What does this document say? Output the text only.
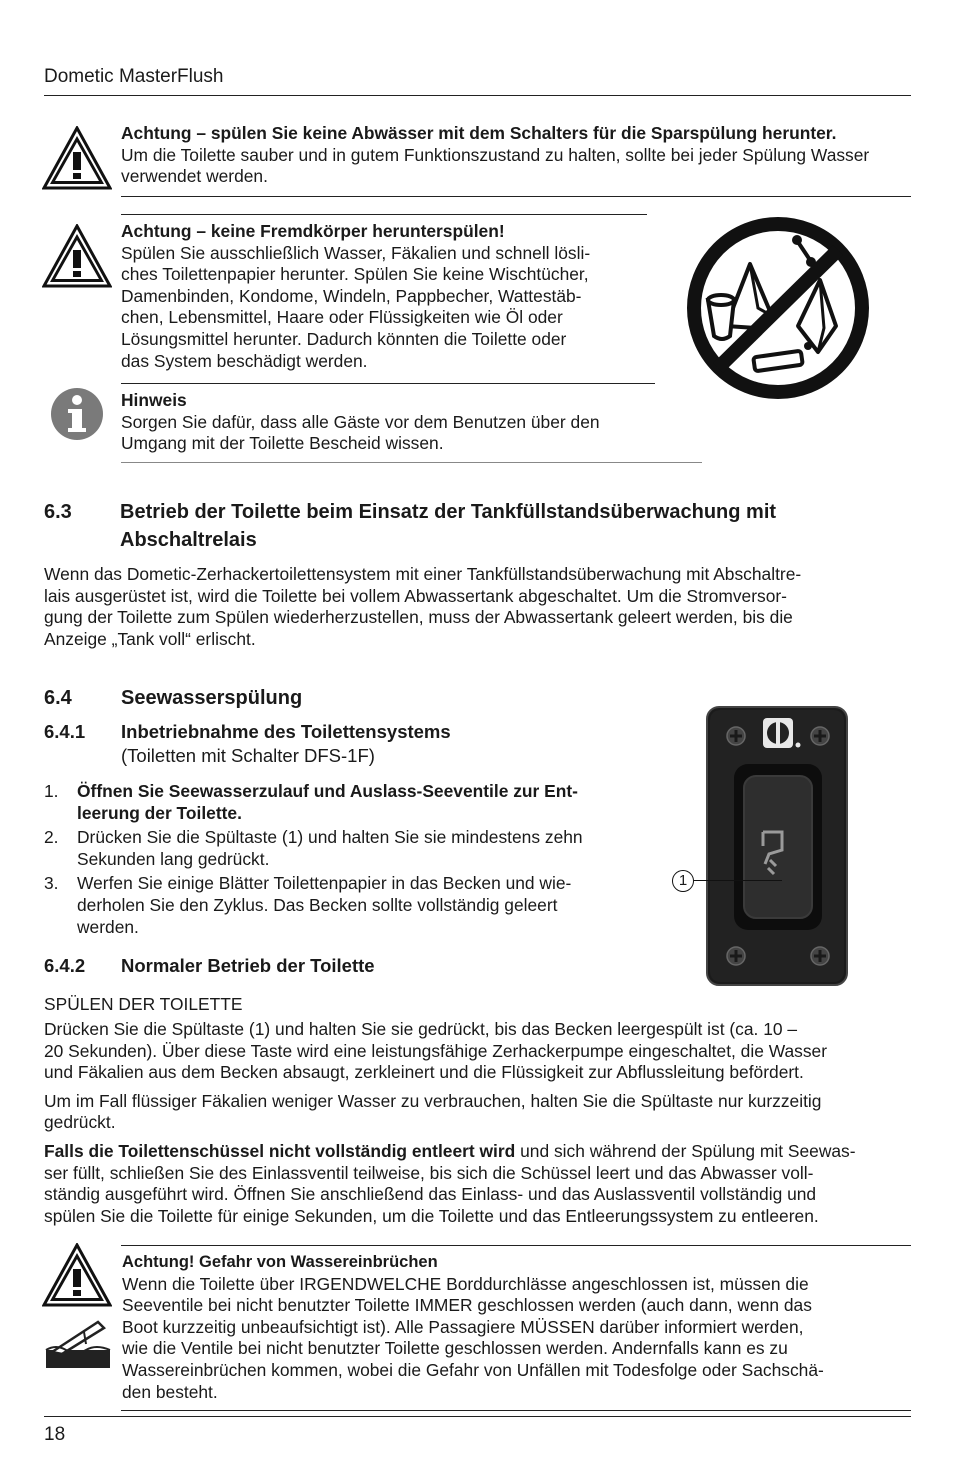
Dometic MasterFlush

Achtung – spülen Sie keine Abwässer mit dem Schalters für die Sparspülung herunter.

Um die Toilette sauber und in gutem Funktionszustand zu halten, sollte bei jeder Spülung Wasser verwendet werden.

Achtung – keine Fremdkörper herunterspülen!

Spülen Sie ausschließlich Wasser, Fäkalien und schnell lösli-

ches Toilettenpapier herunter. Spülen Sie keine Wischtücher,

Damenbinden, Kondome, Windeln, Pappbecher, Wattestäb-

chen, Lebensmittel, Haare oder Flüssigkeiten wie Öl oder

Lösungsmittel herunter. Dadurch könnten die Toilette oder

das System beschädigt werden.

Hinweis

Sorgen Sie dafür, dass alle Gäste vor dem Benutzen über den

Umgang mit der Toilette Bescheid wissen.

6.3 Betrieb der Toilette beim Einsatz der Tankfüllstandsüberwachung mit

Abschaltrelais

Wenn das Dometic-Zerhackertoilettensystem mit einer Tankfüllstandsüberwachung mit Abschaltre-

lais ausgerüstet ist, wird die Toilette bei vollem Abwassertank abgeschaltet. Um die Stromversor-

gung der Toilette zum Spülen wiederherzustellen, muss der Abwassertank geleert werden, bis die

Anzeige „Tank voll“ erlischt.

6.4 Seewasserspülung
6.4.1 Inbetriebnahme des Toilettensystems

(Toiletten mit Schalter DFS-1F)

1. Öffnen Sie Seewasserzulauf und Auslass-Seeventile zur Ent-

leerung der Toilette.

2. Drücken Sie die Spültaste (1) und halten Sie sie mindestens zehn

Sekunden lang gedrückt.

3. Werfen Sie einige Blätter Toilettenpapier in das Becken und wie-

derholen Sie den Zyklus. Das Becken sollte vollständig geleert

werden.

1
6.4.2 Normaler Betrieb der Toilette
SPÜLEN DER TOILETTE

Drücken Sie die Spültaste (1) und halten Sie sie gedrückt, bis das Becken leergespült ist (ca. 10 –

20 Sekunden). Über diese Taste wird eine leistungsfähige Zerhackerpumpe eingeschaltet, die Wasser

und Fäkalien aus dem Becken absaugt, zerkleinert und die Flüssigkeit zur Abflussleitung befördert.

Um im Fall flüssiger Fäkalien weniger Wasser zu verbrauchen, halten Sie die Spültaste nur kurzzeitig

gedrückt.

Falls die Toilettenschüssel nicht vollständig entleert wird und sich während der Spülung mit Seewas-

ser füllt, schließen Sie des Einlassventil teilweise, bis sich die Schüssel leert und das Abwasser voll-

ständig ausgeführt wird. Öffnen Sie anschließend das Einlass- und das Auslassventil vollständig und

spülen Sie die Toilette für einige Sekunden, um die Toilette und das Entleerungssystem zu entleeren.

Achtung! Gefahr von Wassereinbrüchen

Wenn die Toilette über IRGENDWELCHE Borddurchlässe angeschlossen ist, müssen die

Seeventile bei nicht benutzter Toilette IMMER geschlossen werden (auch dann, wenn das

Boot kurzzeitig unbeaufsichtigt ist). Alle Passagiere MÜSSEN darüber informiert werden,

wie die Ventile bei nicht benutzter Toilette geschlossen werden. Andernfalls kann es zu

Wassereinbrüchen kommen, wobei die Gefahr von Unfällen mit Todesfolge oder Sachschä-

den besteht.

18
